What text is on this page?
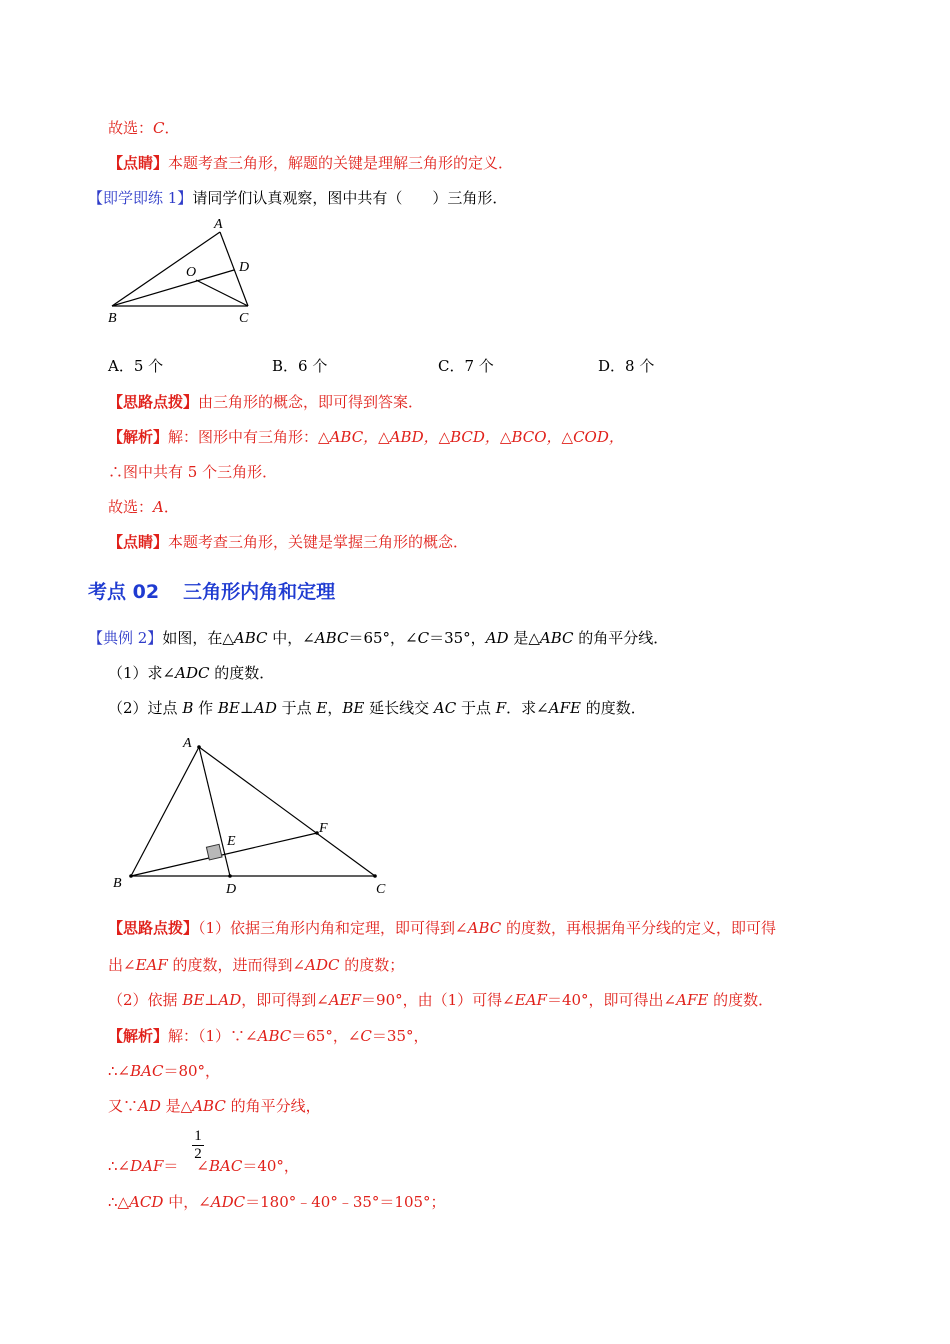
故选：C．
【点睛】本题考查三角形，解题的关键是理解三角形的定义．
【即学即练 1】请同学们认真观察，图中共有（　　）三角形．
A
O	D
B	C
A．5 个	B．6 个	C．7 个	D．8 个
【思路点拨】由三角形的概念，即可得到答案．
【解析】解：图形中有三角形：△ABC，△ABD，△BCD，△BCO，△COD，
∴图中共有 5 个三角形．
故选：A．
【点睛】本题考查三角形，关键是掌握三角形的概念．
考点 02 三角形内角和定理
【典例 2】如图，在△ABC 中，∠ABC＝65°，∠C＝35°，AD 是△ABC 的角平分线．
（1）求∠ADC 的度数．
（2）过点 B 作 BE⊥AD 于点 E，BE 延长线交 AC 于点 F．求∠AFE 的度数．
A
E
F
B	D	C
【思路点拨】（1）依据三角形内角和定理，即可得到∠ABC 的度数，再根据角平分线的定义，即可得
出∠EAF 的度数，进而得到∠ADC 的度数；
（2）依据 BE⊥AD，即可得到∠AEF＝90°，由（1）可得∠EAF＝40°，即可得出∠AFE 的度数．
【解析】解：（1）∵∠ABC＝65°，∠C＝35°，
∴∠BAC＝80°，
又∵AD 是△ABC 的角平分线，
∴∠DAF＝ ∠BAC＝40°，
1
2
∴△ACD 中，∠ADC＝180°﹣40°﹣35°＝105°；
